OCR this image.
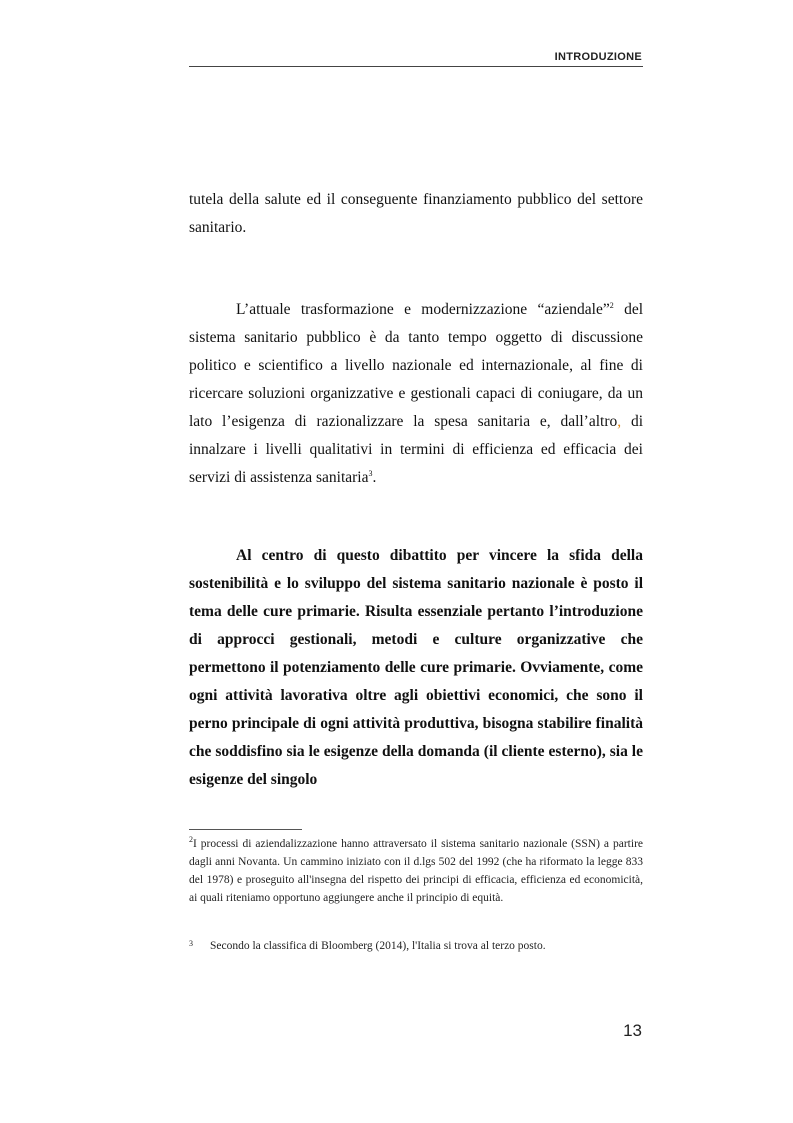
INTRODUZIONE
tutela della salute ed il conseguente finanziamento pubblico del settore sanitario.
L’attuale trasformazione e modernizzazione “aziendale”$^2$ del sistema sanitario pubblico è da tanto tempo oggetto di discussione politico e scientifico a livello nazionale ed internazionale, al fine di ricercare soluzioni organizzative e gestionali capaci di coniugare, da un lato l’esigenza di razionalizzare la spesa sanitaria e, dall’altro, di innalzare i livelli qualitativi in termini di efficienza ed efficacia dei servizi di assistenza sanitaria$^3$.
Al centro di questo dibattito per vincere la sfida della sostenibilità e lo sviluppo del sistema sanitario nazionale è posto il tema delle cure primarie. Risulta essenziale pertanto l’introduzione di approcci gestionali, metodi e culture organizzative che permettono il potenziamento delle cure primarie. Ovviamente, come ogni attività lavorativa oltre agli obiettivi economici, che sono il perno principale di ogni attività produttiva, bisogna stabilire finalità che soddisfino sia le esigenze della domanda (il cliente esterno), sia le esigenze del singolo
$^2$I processi di aziendalizzazione hanno attraversato il sistema sanitario nazionale (SSN) a partire dagli anni Novanta. Un cammino iniziato con il d.lgs 502 del 1992 (che ha riformato la legge 833 del 1978) e proseguito all'insegna del rispetto dei principi di efficacia, efficienza ed economicità, ai quali riteniamo opportuno aggiungere anche il principio di equità.
3 Secondo la classifica di Bloomberg (2014), l'Italia si trova al terzo posto.
13
